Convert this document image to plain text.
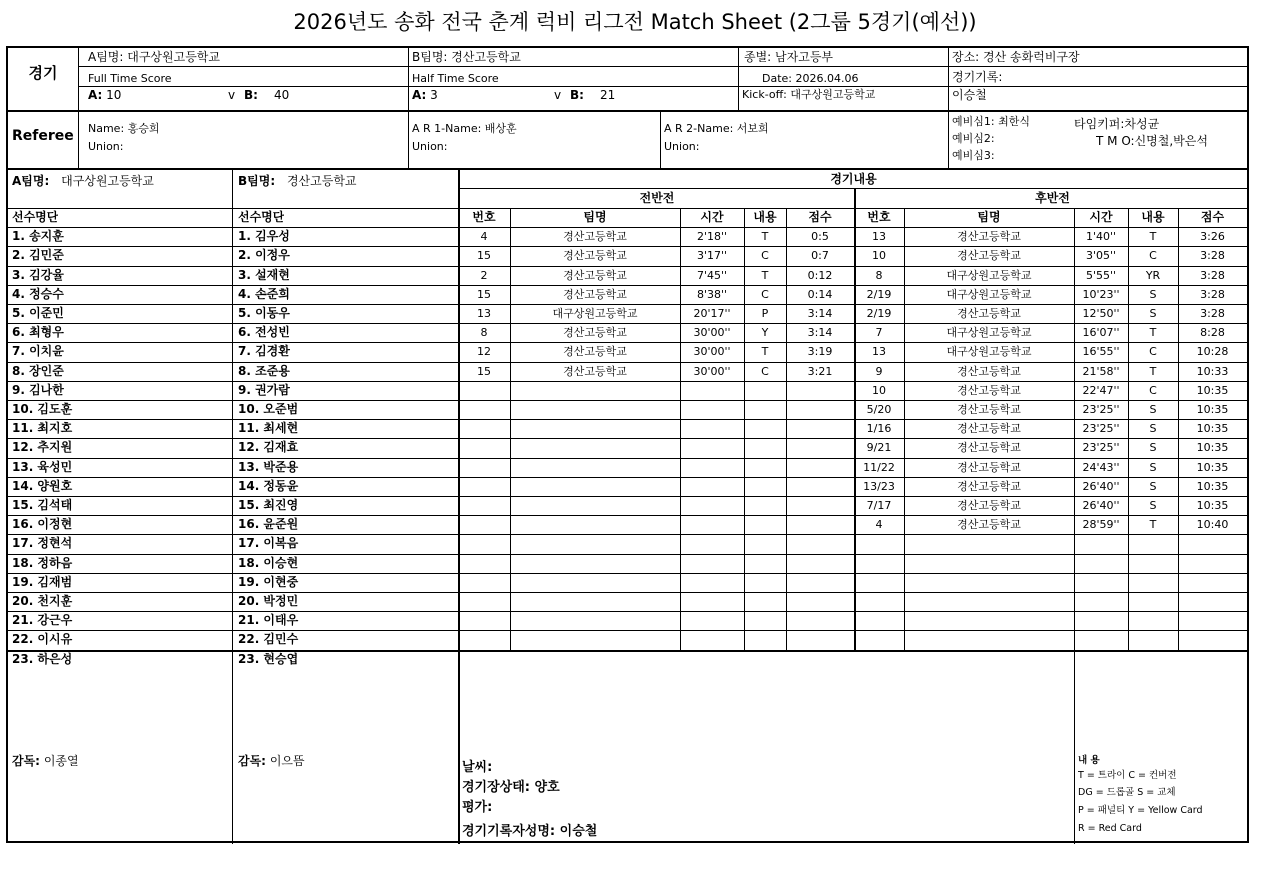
2026년도 송화 전국 춘계 럭비 리그전 Match Sheet (2그룹 5경기(예선))
경기
A팀명: 대구상원고등학교
Full Time Score
A: 10	v B: 40
B팀명: 경산고등학교
Half Time Score
A: 3	v B: 21
종별: 남자고등부
Date: 2026.04.06
Kick-off: 대구상원고등학교
장소: 경산 송화럭비구장
경기기록:
이승철
Referee Name: 홍승희
Union:
A R 1-Name: 배상훈
Union:
A R 2-Name: 서보희
Union:
예비심1: 최한식
예비심2:
예비심3:
타임키퍼:차성균
T M O:신명철,박은석
A팀명: 대구상원고등학교	B팀명: 경산고등학교	경기내용
전반전	후반전
선수명단	선수명단
감독: 이종열	감독: 이으뜸	날씨:
경기장상태: 양호
평가:
경기기록자성명: 이승철
내 용
T = 트라이 C = 컨버전
DG = 드롭골 S = 교체
P = 패널티 Y = Yellow Card
R = Red Card
번호	번호
팀명	팀명
시간	시간
내용	내용
점수	점수
1. 송지훈	1. 김우성
2. 김민준	2. 이정우
3. 김강율	3. 설재현
4. 정승수	4. 손준희
5. 이준민	5. 이동우
6. 최형우	6. 전성빈
7. 이치윤	7. 김경환
8. 장인준	8. 조준용
9. 김나한	9. 권가람
10. 김도훈	10. 오준범
11. 최지호	11. 최세현
12. 추지원	12. 김재효
13. 육성민	13. 박준용
14. 양원호	14. 정동윤
15. 김석태	15. 최진영
16. 이정현	16. 윤준원
17. 정현석	17. 이복음
18. 정하음	18. 이승현
19. 김재범	19. 이현중
20. 천지훈	20. 박정민
21. 강근우	21. 이태우
22. 이시유	22. 김민수
23. 하은성	23. 현승엽
4	경산고등학교	2'18''	T	0:5
15	경산고등학교	3'17''	C	0:7
2	경산고등학교	7'45''	T	0:12
15	경산고등학교	8'38''	C	0:14
13	대구상원고등학교	20'17''	P	3:14
8	경산고등학교	30'00''	Y	3:14
12	경산고등학교	30'00''	T	3:19
15	경산고등학교	30'00''	C	3:21
13	경산고등학교	1'40''	T	3:26
10	경산고등학교	3'05''	C	3:28
8	대구상원고등학교	5'55''	YR	3:28
2/19	대구상원고등학교	10'23''	S	3:28
2/19	경산고등학교	12'50''	S	3:28
7	대구상원고등학교	16'07''	T	8:28
13	대구상원고등학교	16'55''	C	10:28
9	경산고등학교	21'58''	T	10:33
10	경산고등학교	22'47''	C	10:35
5/20	경산고등학교	23'25''	S	10:35
1/16	경산고등학교	23'25''	S	10:35
9/21	경산고등학교	23'25''	S	10:35
11/22	경산고등학교	24'43''	S	10:35
13/23	경산고등학교	26'40''	S	10:35
7/17	경산고등학교	26'40''	S	10:35
4	경산고등학교	28'59''	T	10:40
